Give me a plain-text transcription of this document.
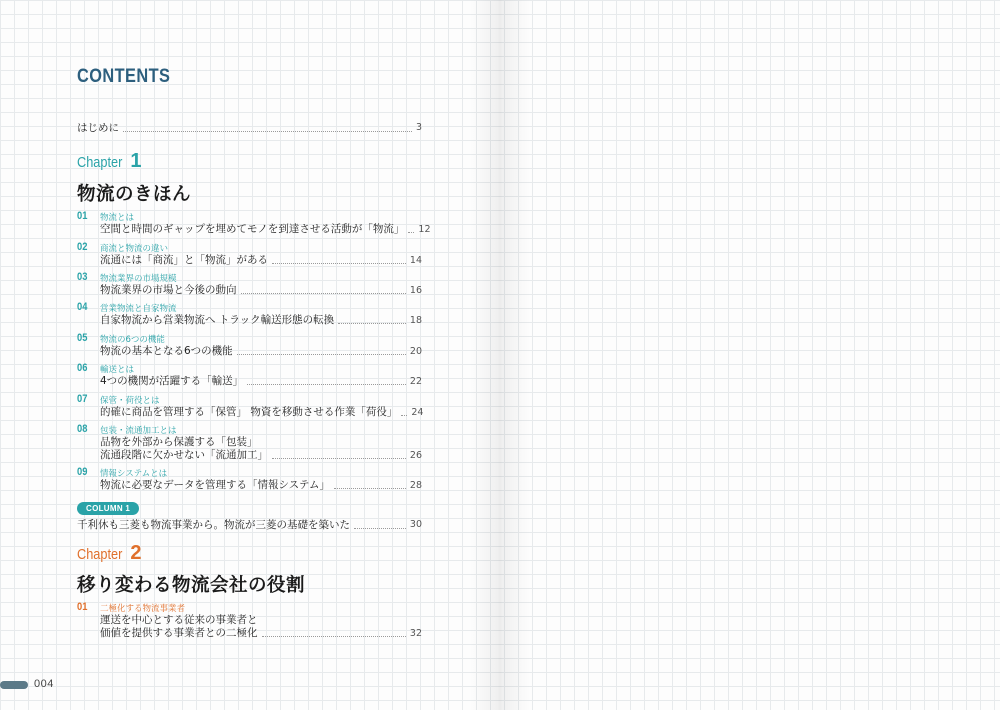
CONTENTS
はじめに	3
Chapter 1
物流のきほん
01 物流とは
空間と時間のギャップを埋めてモノを到達させる活動が「物流」 12
02 商流と物流の違い
流通には「商流」と「物流」がある	14
03 物流業界の市場規模
物流業界の市場と今後の動向	16
04 営業物流と自家物流
自家物流から営業物流へ トラック輸送形態の転換	18
05 物流の6つの機能
物流の基本となる6つの機能	20
06 輸送とは
4つの機関が活躍する「輸送」	22
07 保管・荷役とは
的確に商品を管理する「保管」 物資を移動させる作業「荷役」 24
08 包装・流通加工とは
品物を外部から保護する「包装」
流通段階に欠かせない「流通加工」	26
09 情報システムとは
物流に必要なデータを管理する「情報システム」	28
COLUMN 1
千利休も三菱も物流事業から。物流が三菱の基礎を築いた	30
Chapter 2
移り変わる物流会社の役割
01 二極化する物流事業者
運送を中心とする従来の事業者と
価値を提供する事業者との二極化	32
004
